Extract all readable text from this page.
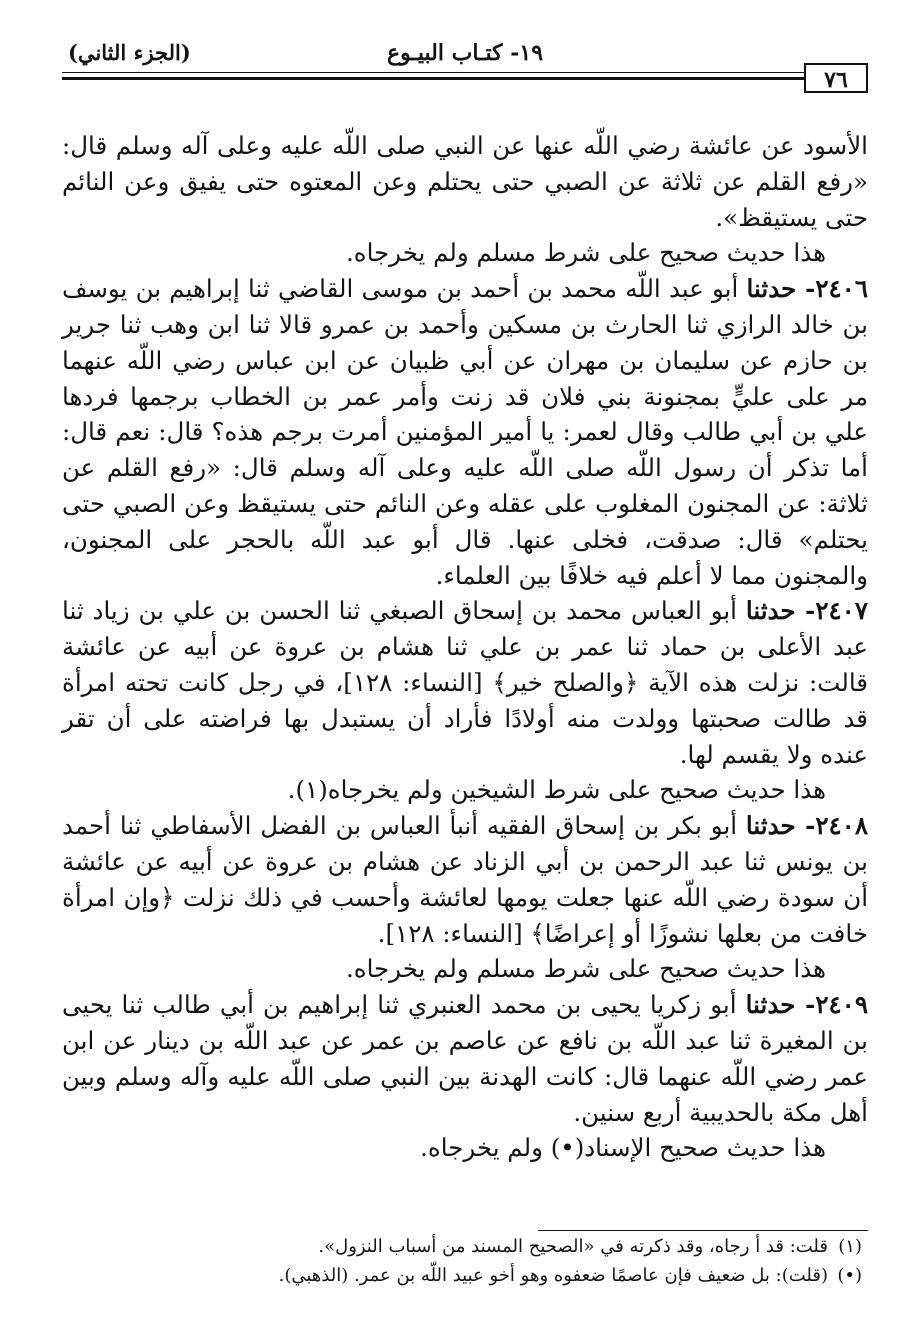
١٩- كتـاب البيـوع
(الجزء الثاني)
٧٦

الأسود عن عائشة رضي اللّه عنها عن النبي صلى اللّه عليه وعلى آله وسلم قال: «رفع القلم عن ثلاثة عن الصبي حتى يحتلم وعن المعتوه حتى يفيق وعن النائم حتى يستيقظ».

هذا حديث صحيح على شرط مسلم ولم يخرجاه.

٢٤٠٦- حدثنا أبو عبد اللّه محمد بن أحمد بن موسى القاضي ثنا إبراهيم بن يوسف بن خالد الرازي ثنا الحارث بن مسكين وأحمد بن عمرو قالا ثنا ابن وهب ثنا جرير بن حازم عن سليمان بن مهران عن أبي ظبيان عن ابن عباس رضي اللّه عنهما مر على عليٍّ بمجنونة بني فلان قد زنت وأمر عمر بن الخطاب برجمها فردها علي بن أبي طالب وقال لعمر: يا أمير المؤمنين أمرت برجم هذه؟ قال: نعم قال: أما تذكر أن رسول اللّه صلى اللّه عليه وعلى آله وسلم قال: «رفع القلم عن ثلاثة: عن المجنون المغلوب على عقله وعن النائم حتى يستيقظ وعن الصبي حتى يحتلم» قال: صدقت، فخلى عنها. قال أبو عبد اللّه بالحجر على المجنون، والمجنون مما لا أعلم فيه خلافًا بين العلماء.

٢٤٠٧- حدثنا أبو العباس محمد بن إسحاق الصبغي ثنا الحسن بن علي بن زياد ثنا عبد الأعلى بن حماد ثنا عمر بن علي ثنا هشام بن عروة عن أبيه عن عائشة قالت: نزلت هذه الآية ﴿والصلح خير﴾ [النساء: ١٢٨]، في رجل كانت تحته امرأة قد طالت صحبتها وولدت منه أولادًا فأراد أن يستبدل بها فراضته على أن تقر عنده ولا يقسم لها.

هذا حديث صحيح على شرط الشيخين ولم يخرجاه(١).

٢٤٠٨- حدثنا أبو بكر بن إسحاق الفقيه أنبأ العباس بن الفضل الأسفاطي ثنا أحمد بن يونس ثنا عبد الرحمن بن أبي الزناد عن هشام بن عروة عن أبيه عن عائشة أن سودة رضي اللّه عنها جعلت يومها لعائشة وأحسب في ذلك نزلت ﴿وإن امرأة خافت من بعلها نشوزًا أو إعراضًا﴾ [النساء: ١٢٨].

هذا حديث صحيح على شرط مسلم ولم يخرجاه.

٢٤٠٩- حدثنا أبو زكريا يحيى بن محمد العنبري ثنا إبراهيم بن أبي طالب ثنا يحيى بن المغيرة ثنا عبد اللّه بن نافع عن عاصم بن عمر عن عبد اللّه بن دينار عن ابن عمر رضي اللّه عنهما قال: كانت الهدنة بين النبي صلى اللّه عليه وآله وسلم وبين أهل مكة بالحديبية أربع سنين.

هذا حديث صحيح الإسناد(•) ولم يخرجاه.

(١)قلت: قد أ رجاه، وقد ذكرته في «الصحيح المسند من أسباب النزول».
(•)(قلت): بل ضعيف فإن عاصمًا ضعفوه وهو أخو عبيد اللّه بن عمر. (الذهبي).
